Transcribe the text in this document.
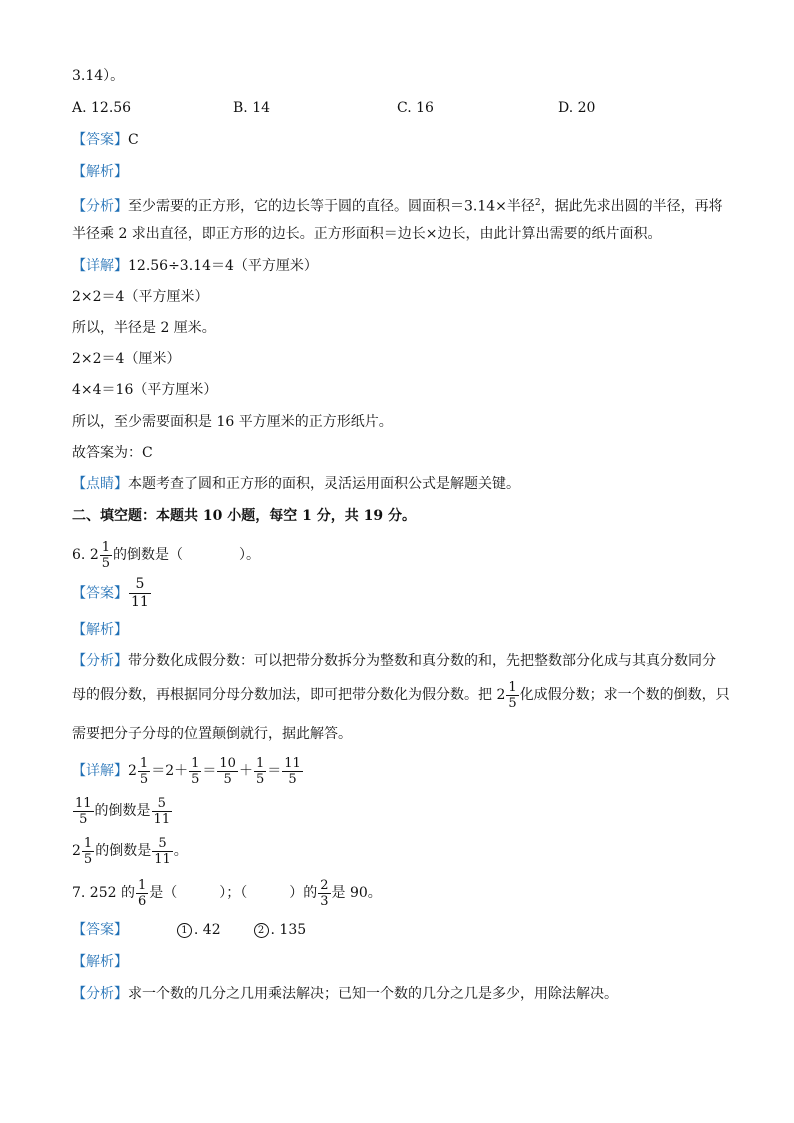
3.14）。
A. 12.56	B. 14	C. 16	D. 20
【答案】C
【解析】
【分析】至少需要的正方形，它的边长等于圆的直径。圆面积＝3.14×半径$^2$，据此先求出圆的半径，再将
半径乘 2 求出直径，即正方形的边长。正方形面积＝边长×边长，由此计算出需要的纸片面积。
【详解】12.56÷3.14＝4（平方厘米）
2×2＝4（平方厘米）
所以，半径是 2 厘米。
2×2＝4（厘米）
4×4＝16（平方厘米）
所以，至少需要面积是 16 平方厘米的正方形纸片。
故答案为：C
【点睛】本题考查了圆和正方形的面积，灵活运用面积公式是解题关键。
二、填空题：本题共 10 小题，每空 1 分，共 19 分。
6. $2 \frac{1}{5}$ 的倒数是（　　　　）。
【答案】 $\frac{5}{11}$
【解析】
【分析】带分数化成假分数：可以把带分数拆分为整数和真分数的和，先把整数部分化成与其真分数同分
母的假分数，再根据同分母分数加法，即可把带分数化为假分数。把 $2 \frac{1}{5}$ 化成假分数；求一个数的倒数，只
需要把分子分母的位置颠倒就行，据此解答。
【详解】$2 \frac{1}{5} =2+ \frac{1}{5} = \frac{10}{5} + \frac{1}{5} = \frac{11}{5}$
$\frac{11}{5}$ 的倒数是 $\frac{5}{11}$
$2 \frac{1}{5}$ 的倒数是 $\frac{5}{11}$ 。
7. 252 的 $\frac{1}{6}$ 是（　　　）；（　　　）的 $\frac{2}{3}$ 是 90。
【答案】	1 . 42	2 . 135
【解析】
【分析】求一个数的几分之几用乘法解决；已知一个数的几分之几是多少，用除法解决。
